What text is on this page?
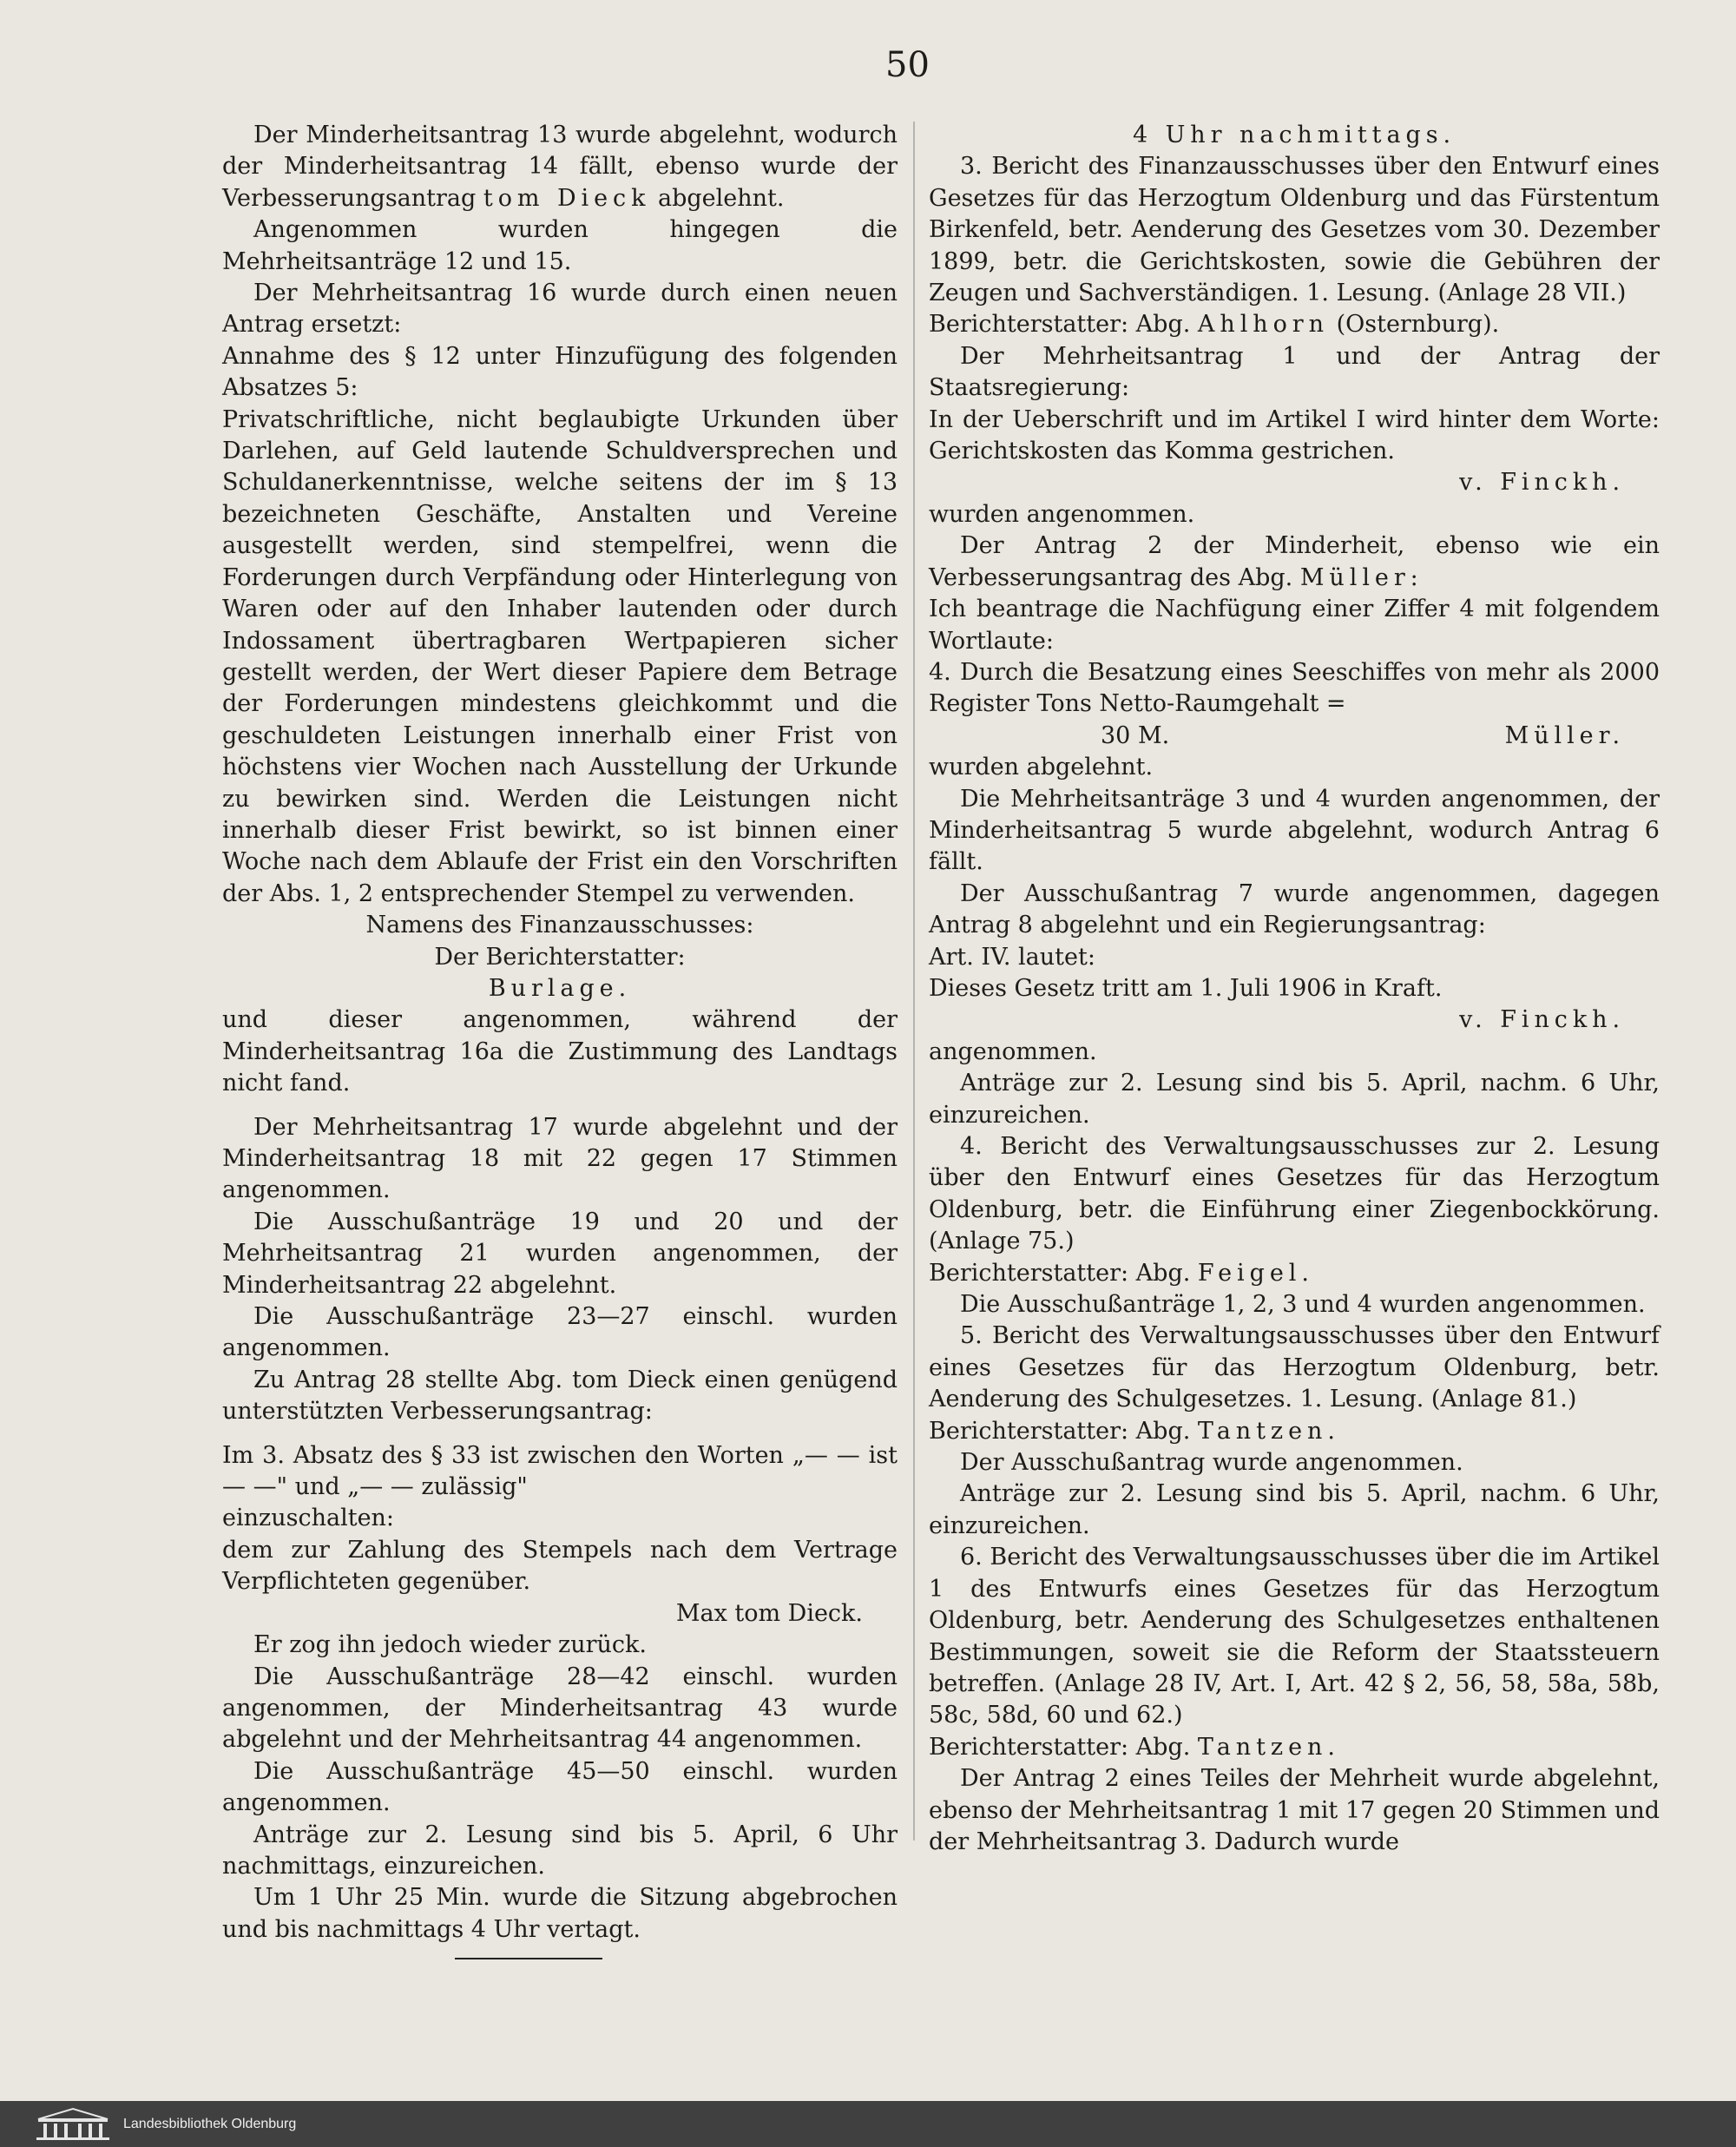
50

Der Minderheitsantrag 13 wurde abgelehnt, wodurch der Minderheitsantrag 14 fällt, ebenso wurde der Verbesserungsantrag tom Dieck abgelehnt.

Angenommen wurden hingegen die Mehrheitsanträge 12 und 15.

Der Mehrheitsantrag 16 wurde durch einen neuen Antrag ersetzt:

Annahme des § 12 unter Hinzufügung des folgenden Absatzes 5:

Privatschriftliche, nicht beglaubigte Urkunden über Darlehen, auf Geld lautende Schuldversprechen und Schuldanerkenntnisse, welche seitens der im § 13 bezeichneten Geschäfte, Anstalten und Vereine ausgestellt werden, sind stempelfrei, wenn die Forderungen durch Verpfändung oder Hinterlegung von Waren oder auf den Inhaber lautenden oder durch Indossament übertragbaren Wertpapieren sicher gestellt werden, der Wert dieser Papiere dem Betrage der Forderungen mindestens gleichkommt und die geschuldeten Leistungen innerhalb einer Frist von höchstens vier Wochen nach Ausstellung der Urkunde zu bewirken sind. Werden die Leistungen nicht innerhalb dieser Frist bewirkt, so ist binnen einer Woche nach dem Ablaufe der Frist ein den Vorschriften der Abs. 1, 2 entsprechender Stempel zu verwenden.

Namens des Finanzausschusses:

Der Berichterstatter:

Burlage.

und dieser angenommen, während der Minderheitsantrag 16a die Zustimmung des Landtags nicht fand.

Der Mehrheitsantrag 17 wurde abgelehnt und der Minderheitsantrag 18 mit 22 gegen 17 Stimmen angenommen.

Die Ausschußanträge 19 und 20 und der Mehrheitsantrag 21 wurden angenommen, der Minderheitsantrag 22 abgelehnt.

Die Ausschußanträge 23—27 einschl. wurden angenommen.

Zu Antrag 28 stellte Abg. tom Dieck einen genügend unterstützten Verbesserungsantrag:

Im 3. Absatz des § 33 ist zwischen den Worten „— — ist — —" und „— — zulässig"

einzuschalten:

dem zur Zahlung des Stempels nach dem Vertrage Verpflichteten gegenüber.

Max tom Dieck.

Er zog ihn jedoch wieder zurück.

Die Ausschußanträge 28—42 einschl. wurden angenommen, der Minderheitsantrag 43 wurde abgelehnt und der Mehrheitsantrag 44 angenommen.

Die Ausschußanträge 45—50 einschl. wurden angenommen.

Anträge zur 2. Lesung sind bis 5. April, 6 Uhr nachmittags, einzureichen.

Um 1 Uhr 25 Min. wurde die Sitzung abgebrochen und bis nachmittags 4 Uhr vertagt.

4 Uhr nachmittags.

3. Bericht des Finanzausschusses über den Entwurf eines Gesetzes für das Herzogtum Oldenburg und das Fürstentum Birkenfeld, betr. Aenderung des Gesetzes vom 30. Dezember 1899, betr. die Gerichtskosten, sowie die Gebühren der Zeugen und Sachverständigen. 1. Lesung. (Anlage 28 VII.)

Berichterstatter: Abg. Ahlhorn (Osternburg).

Der Mehrheitsantrag 1 und der Antrag der Staatsregierung:

In der Ueberschrift und im Artikel I wird hinter dem Worte: Gerichtskosten das Komma gestrichen.

v. Finckh.

wurden angenommen.

Der Antrag 2 der Minderheit, ebenso wie ein Verbesserungsantrag des Abg. Müller:

Ich beantrage die Nachfügung einer Ziffer 4 mit folgendem Wortlaute:

4. Durch die Besatzung eines Seeschiffes von mehr als 2000 Register Tons Netto-Raumgehalt =

30 M.	Müller.

wurden abgelehnt.

Die Mehrheitsanträge 3 und 4 wurden angenommen, der Minderheitsantrag 5 wurde abgelehnt, wodurch Antrag 6 fällt.

Der Ausschußantrag 7 wurde angenommen, dagegen Antrag 8 abgelehnt und ein Regierungsantrag:

Art. IV. lautet:

Dieses Gesetz tritt am 1. Juli 1906 in Kraft.

v. Finckh.

angenommen.

Anträge zur 2. Lesung sind bis 5. April, nachm. 6 Uhr, einzureichen.

4. Bericht des Verwaltungsausschusses zur 2. Lesung über den Entwurf eines Gesetzes für das Herzogtum Oldenburg, betr. die Einführung einer Ziegenbockkörung. (Anlage 75.)

Berichterstatter: Abg. Feigel.

Die Ausschußanträge 1, 2, 3 und 4 wurden angenommen.

5. Bericht des Verwaltungsausschusses über den Entwurf eines Gesetzes für das Herzogtum Oldenburg, betr. Aenderung des Schulgesetzes. 1. Lesung. (Anlage 81.)

Berichterstatter: Abg. Tantzen.

Der Ausschußantrag wurde angenommen.

Anträge zur 2. Lesung sind bis 5. April, nachm. 6 Uhr, einzureichen.

6. Bericht des Verwaltungsausschusses über die im Artikel 1 des Entwurfs eines Gesetzes für das Herzogtum Oldenburg, betr. Aenderung des Schulgesetzes enthaltenen Bestimmungen, soweit sie die Reform der Staatssteuern betreffen. (Anlage 28 IV, Art. I, Art. 42 § 2, 56, 58, 58a, 58b, 58c, 58d, 60 und 62.)

Berichterstatter: Abg. Tantzen.

Der Antrag 2 eines Teiles der Mehrheit wurde abgelehnt, ebenso der Mehrheitsantrag 1 mit 17 gegen 20 Stimmen und der Mehrheitsantrag 3. Dadurch wurde

Landesbibliothek Oldenburg
